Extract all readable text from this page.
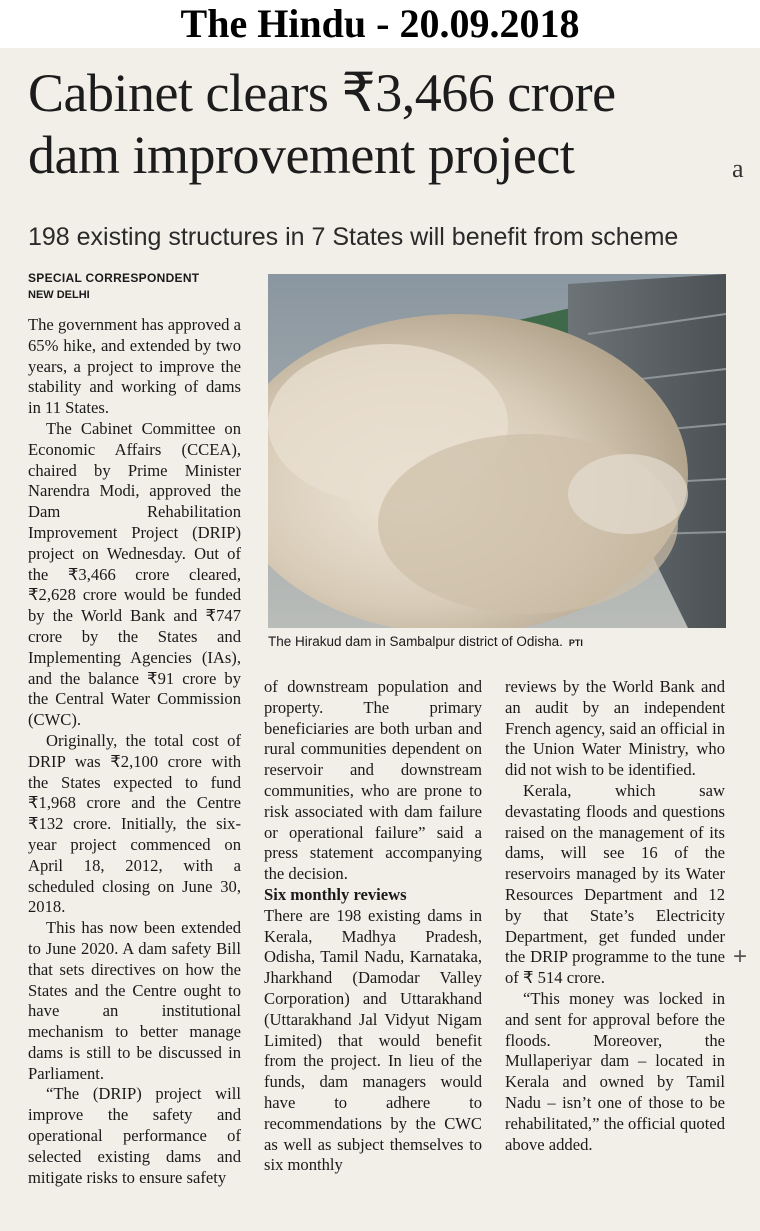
The Hindu - 20.09.2018
Cabinet clears ₹3,466 crore
dam improvement project	a
198 existing structures in 7 States will benefit from scheme
SPECIAL CORRESPONDENT
NEW DELHI
The Hirakud dam in Sambalpur district of Odisha. PTI

The government has approved a 65% hike, and extended by two years, a project to improve the stability and working of dams in 11 States.

The Cabinet Committee on Economic Affairs (CCEA), chaired by Prime Minister Narendra Modi, approved the Dam Rehabilitation Improvement Project (DRIP) project on Wednesday. Out of the ₹3,466 crore cleared, ₹2,628 crore would be funded by the World Bank and ₹747 crore by the States and Implementing Agencies (IAs), and the balance ₹91 crore by the Central Water Commission (CWC).

Originally, the total cost of DRIP was ₹2,100 crore with the States expected to fund ₹1,968 crore and the Centre ₹132 crore. Initially, the six-year project commenced on April 18, 2012, with a scheduled closing on June 30, 2018.

This has now been extended to June 2020. A dam safety Bill that sets directives on how the States and the Centre ought to have an institutional mechanism to better manage dams is still to be discussed in Parliament.

“The (DRIP) project will improve the safety and operational performance of selected existing dams and mitigate risks to ensure safety

of downstream population and property. The primary beneficiaries are both urban and rural communities dependent on reservoir and downstream communities, who are prone to risk associated with dam failure or operational failure” said a press statement accompanying the decision.

Six monthly reviews

There are 198 existing dams in Kerala, Madhya Pradesh, Odisha, Tamil Nadu, Karnataka, Jharkhand (Damodar Valley Corporation) and Uttarakhand (Uttarakhand Jal Vidyut Nigam Limited) that would benefit from the project. In lieu of the funds, dam managers would have to adhere to recommendations by the CWC as well as subject themselves to six monthly

reviews by the World Bank and an audit by an independent French agency, said an official in the Union Water Ministry, who did not wish to be identified.

Kerala, which saw devastating floods and questions raised on the management of its dams, will see 16 of the reservoirs managed by its Water Resources Department and 12 by that State’s Electricity Department, get funded under the DRIP programme to the tune of ₹ 514 crore.

“This money was locked in and sent for approval before the floods. Moreover, the Mullaperiyar dam – located in Kerala and owned by Tamil Nadu – isn’t one of those to be rehabilitated,” the official quoted above added.

+
